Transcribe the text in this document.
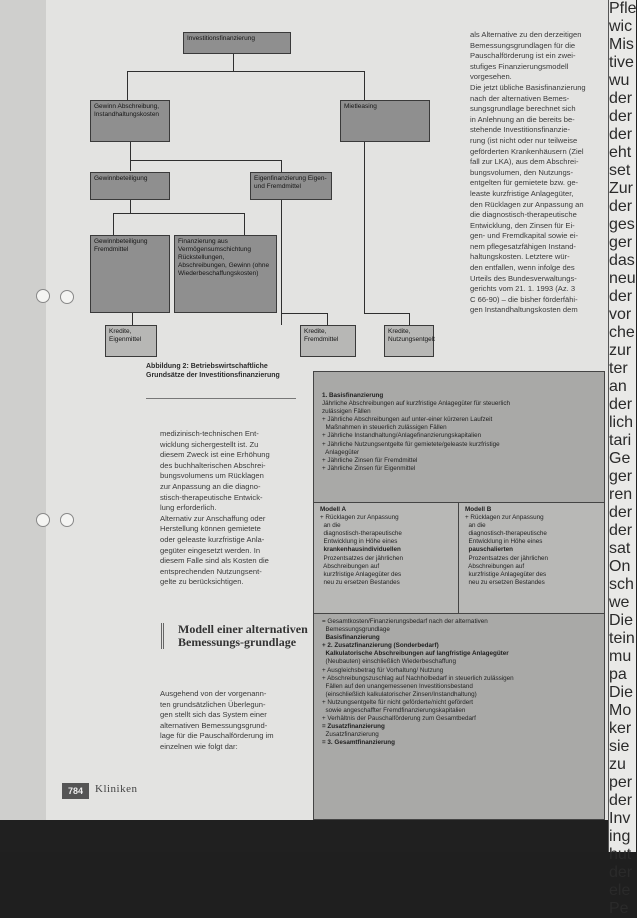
Investitionsfinanzierung
Gewinn Abschreibung, Instandhaltungskosten
Mietleasing
Gewinnbeteiligung	Eigenfinanzierung Eigen- und Fremdmittel
Gewinnbeteiligung Fremdmittel
Finanzierung aus Vermögensumschichtung Rückstellungen, Abschreibungen, Gewinn (ohne Wiederbeschaffungskosten)
Kredite, Eigenmittel
Kredite, Fremdmittel
Kredite, Nutzungsentgelt
Abbildung 2: Betriebswirtschaftliche Grundsätze der Investitionsfinanzierung
als Alternative zu den derzeitigen
Bemessungsgrundlagen für die
Pauschalförderung ist ein zwei-
stufiges Finanzierungsmodell
vorgesehen.
Die jetzt übliche Basisfinanzierung
nach der alternativen Bemes-
sungsgrundlage berechnet sich
in Anlehnung an die bereits be-
stehende Investitionsfinanzie-
rung (ist nicht oder nur teilweise
geförderten Krankenhäusern (Ziel
fall zur LKA), aus dem Abschrei-
bungsvolumen, den Nutzungs-
entgelten für gemietete bzw. ge-
leaste kurzfristige Anlagegüter,
den Rücklagen zur Anpassung an
die diagnostisch-therapeutische
Entwicklung, den Zinsen für Ei-
gen- und Fremdkapital sowie ei-
nem pflegesatzfähigen Instand-
haltungskosten. Letztere wür-
den entfallen, wenn infolge des
Urteils des Bundesverwaltungs-
gerichts vom 21. 1. 1993 (Az. 3
C 66-90) – die bisher förderfähi-
gen Instandhaltungskosten dem
medizinisch-technischen Ent-
wicklung sichergestellt ist. Zu
diesem Zweck ist eine Erhöhung
des buchhalterischen Abschrei-
bungsvolumens um Rücklagen
zur Anpassung an die diagno-
stisch-therapeutische Entwick-
lung erforderlich.
Alternativ zur Anschaffung oder
Herstellung können gemietete
oder geleaste kurzfristige Anla-
gegüter eingesetzt werden. In
diesem Falle sind als Kosten die
entsprechenden Nutzungsent-
gelte zu berücksichtigen.
Modell einer alternativen Bemessungs-grundlage
Ausgehend von der vorgenann-
ten grundsätzlichen Überlegun-
gen stellt sich das System einer
alternativen Bemessungsgrund-
lage für die Pauschalförderung im
einzelnen wie folgt dar:
1. Basisfinanzierung
Jährliche Abschreibungen auf kurzfristige Anlagegüter für steuerlich
zulässigen Fällen
+ Jährliche Abschreibungen auf unter-einer kürzeren Laufzeit
Maßnahmen in steuerlich zulässigen Fällen
+ Jährliche Instandhaltung/Anlagefinanzierungskapitalien
+ Jährliche Nutzungsentgelte für gemietete/geleaste kurzfristige
Anlagegüter
+ Jährliche Zinsen für Fremdmittel
+ Jährliche Zinsen für Eigenmittel
Modell A
+ Rücklagen zur Anpassung
an die
diagnostisch-therapeutische
Entwicklung in Höhe eines
krankenhausindividuellen
Prozentsatzes der jährlichen
Abschreibungen auf
kurzfristige Anlagegüter des
neu zu ersetzen Bestandes
Modell B
+ Rücklagen zur Anpassung
an die
diagnostisch-therapeutische
Entwicklung in Höhe eines
pauschalierten
Prozentsatzes der jährlichen
Abschreibungen auf
kurzfristige Anlagegüter des
neu zu ersetzen Bestandes
= Gesamtkosten/Finanzierungsbedarf nach der alternativen
Bemessungsgrundlage
Basisfinanzierung
+ 2. Zusatzfinanzierung (Sonderbedarf)
Kalkulatorische Abschreibungen auf langfristige Anlagegüter
(Neubauten) einschließlich Wiederbeschaffung
+ Ausgleichsbetrag für Vorhaltung/ Nutzung
+ Abschreibungszuschlag auf Nachholbedarf in steuerlich zulässigen
Fällen auf den unangemessenen Investitionsbestand
(einschließlich kalkulatorischer Zinsen/Instandhaltung)
+ Nutzungsentgelte für nicht geförderte/nicht gefördert
sowie angeschaffter Fremdfinanzierungskapitalien
+ Verhältnis der Pauschalförderung zum Gesamtbedarf
= Zusatzfinanzierung
Zusatzfinanzierung
= 3. Gesamtfinanzierung
784	Kliniken
Pfle
wic
Mis
tive
wu
der
der
der
eht
set
Zur
der
ges
ger
das
neu
der
vor
che
zur
ter
an
der
lich
tari
Ge
ger
ren
der
der
sat
On
sch
we
Die
tein
mu
pa
Die
Mo
ker
sie
zu
per
der
Inv
ing
hut
der
ele
Pe
